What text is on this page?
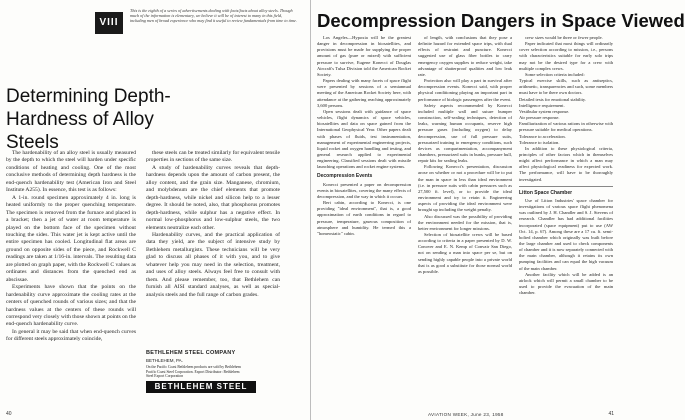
VIII
This is the eighth of a series of advertisements dealing with facts/facts about alloy steels. Though much of the information is elementary, we believe it will be of interest to many in this field, including men of broad experience who may find it useful to review fundamentals from time to time.
Determining Depth-Hardness of Alloy Steels

The hardenability of an alloy steel is usually measured by the depth to which the steel will harden under specific conditions of heating and cooling. One of the most conclusive methods of determining depth hardness is the end-quench hardenability test (American Iron and Steel Institute A255). In essence, this test is as follows:

A 1-in. round specimen approximately 4 in. long is heated uniformly to the proper quenching temperature. The specimen is removed from the furnace and placed in a bracket; then a jet of water at room temperature is played on the bottom face of the specimen without touching the sides. This water jet is kept active until the entire specimen has cooled. Longitudinal flat areas are ground on opposite sides of the piece, and Rockwell C readings are taken at 1/16-in. intervals. The resulting data are plotted on graph paper, with the Rockwell C values as ordinates and distances from the quenched end as abscissae.

Experiments have shown that the points on the hardenability curve approximate the cooling rates at the centers of quenched rounds of various sizes; and that the hardness values at the centers of these rounds will correspond very closely with those shown at points on the end-quench hardenability curve.

In general it may be said that when end-quench curves for different steels approximately coincide,

these steels can be treated similarly for equivalent tensile properties in sections of the same size.

A study of hardenability curves reveals that depth-hardness depends upon the amount of carbon present, the alloy content, and the grain size. Manganese, chromium, and molybdenum are the chief elements that promote depth-hardness, while nickel and silicon help to a lesser degree. It should be noted, also, that phosphorus promotes depth-hardness, while sulphur has a negative effect. In normal low-phosphorus and low-sulphur steels, the two elements neutralize each other.

Hardenability curves, and the practical application of data they yield, are the subject of intensive study by Bethlehem metallurgists. These technicians will be very glad to discuss all phases of it with you, and to give whatever help you may need in the selection, treatment, and uses of alloy steels. Always feel free to consult with them. And please remember, too, that Bethlehem can furnish all AISI standard analyses, as well as special-analysis steels and the full range of carbon grades.

BETHLEHEM STEEL COMPANY
BETHLEHEM, PA.
On the Pacific Coast Bethlehem products are sold by Bethlehem Pacific Coast Steel Corporation. Export Distributor: Bethlehem Steel Export Corporation
BETHLEHEM STEEL
40
Decompression Dangers in Space Viewed

Los Angeles—Hypoxia will be the greatest danger in decompression in biosatellites, and provisions must be made for supplying the proper amount of gas (pure or mixed) with sufficient pressure to survive, Eugene Konecci of Douglas Aircraft's Tulsa Division told the American Rocket Society.

Papers dealing with many facets of space flight were presented by sessions of a semiannual meeting of the American Rocket Society here, with attendance at the gathering reaching approximately 3,600 persons.

Open sessions dealt with guidance of space vehicles, flight dynamics of space vehicles, biosatellites and data on space gained from the International Geophysical Year. Other papers dealt with phases of fluids, test instrumentation, management of experimental engineering projects, liquid rocket and oxygen handling and testing, and general research applied to experimental engineering. Classified sessions dealt with missile launching operations and rocket engine systems.

Decompression Events

Konecci presented a paper on decompression events in biosatellites, covering the many effects of decompression, and the way in which it occurs.

Bert cabin, according to Konecci, is one providing "ideal environment", that is, a good approximation of earth conditions in regard to pressure, temperature, gaseous composition of atmosphere and humidity. He termed this a "homeostatic" cabin.

of length, with conclusions that they pose a definite hazard for extended space trips, with dual effects of restraint and puncture. Konecci suggested use of glass fiber bottles to carry emergency oxygen supplies to reduce weight, take advantage of shatterproof qualities and low leak rate.

Protection also will play a part in survival after decompression events. Konecci said, with proper physical conditioning playing an important part in performance of biologic passengers after the event.

Safety aspects recommended by Konecci included multiple wall and suture bumper construction, self-sealing techniques, detection of leaks, warning human occupants, reserve high pressure gases (including oxygen) to delay decompression, use of full pressure suits, pressurized training to emergency conditions, such devices as compartmentation, accompanyment chambers, pressurized suits in bunks, pressure hull, repair kits for sealing leaks.

Following Konecci's presentation, discussion arose on whether or not a procedure will be to put the man in space in less than ideal environment (i.e. in pressure suits with cabin pressures such as 27,500 ft. level), or to provide the ideal environment and try to retain it. Engineering aspects of providing the ideal environment were brought up including the weight penalty.

Also discussed was the possibility of providing the environment needed for the mission, that is, better environment for longer missions.

Selection of biosatellite crews will be based according to criteria in a paper presented by D. W. Conover and E. N. Kemp of Convair San Diego, not on sending a man into space per se, but on sending highly capable people into a private world that is as good a substitute for those normal world as possible.

crew sizes would be three or fewer people.

Paper indicated that most things will ordinarily cover selection according to mission, i.e., persons with characteristics suitable for early solo trips may not be the desired type for a crew with multiple complex crews.

Some selection criteria included:

Typical exercise skills, such as antiseptics, arithmetic, transparencies and such, some members must have to be there own doctors.

Detailed tests for emotional stability.

Intelligence requirement.

Vestibular system response.

Air pressure response.

Familiarization of various rations in otherwise with pressure suitable for medical operations.

Tolerance to acceleration.

Tolerance to isolation.

In addition to these physiological criteria, principles of other factors which in themselves might affect performance in which a man may affect physiological readiness for expected work. The performance, will have to be thoroughly investigated.

Litton Space Chamber

Use of Litton Industries' space chamber for investigations of various space flight phenomena was outlined by J. H. Chandler and S. J. Stevens of research. Chandler has had additional facilities incorporated (space equipment) put to use (AW Oct. 14, p. 67). Among these are a 17 cu. ft. semi-bolted chamber which originally was built before the large chamber and used to check components of chamber and it is now separately connected with the main chamber, although it retains its own pumping facilities and can equal the high vacuum of the main chamber.

Another facility which will be added is an airlock which will permit a small chamber to be used to provide the evacuation of the main chamber.

AVIATION WEEK, June 23, 1958	41
